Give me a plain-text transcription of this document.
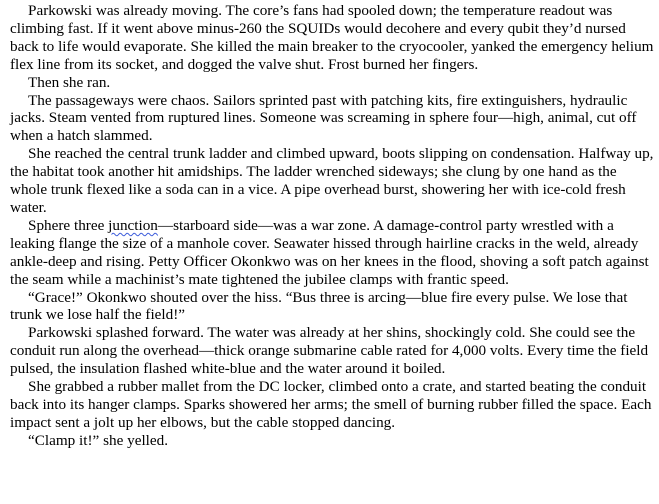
Parkowski was already moving. The core’s fans had spooled down; the temperature readout was climbing fast. If it went above minus-260 the SQUIDs would decohere and every qubit they’d nursed back to life would evaporate. She killed the main breaker to the cryocooler, yanked the emergency helium flex line from its socket, and dogged the valve shut. Frost burned her fingers.

Then she ran.

The passageways were chaos. Sailors sprinted past with patching kits, fire extinguishers, hydraulic jacks. Steam vented from ruptured lines. Someone was screaming in sphere four—high, animal, cut off when a hatch slammed.

She reached the central trunk ladder and climbed upward, boots slipping on condensation. Halfway up, the habitat took another hit amidships. The ladder wrenched sideways; she clung by one hand as the whole trunk flexed like a soda can in a vice. A pipe overhead burst, showering her with ice-cold fresh water.

Sphere three junction—starboard side—was a war zone. A damage-control party wrestled with a leaking flange the size of a manhole cover. Seawater hissed through hairline cracks in the weld, already ankle-deep and rising. Petty Officer Okonkwo was on her knees in the flood, shoving a soft patch against the seam while a machinist’s mate tightened the jubilee clamps with frantic speed.

“Grace!” Okonkwo shouted over the hiss. “Bus three is arcing—blue fire every pulse. We lose that trunk we lose half the field!”

Parkowski splashed forward. The water was already at her shins, shockingly cold. She could see the conduit run along the overhead—thick orange submarine cable rated for 4,000 volts. Every time the field pulsed, the insulation flashed white-blue and the water around it boiled.

She grabbed a rubber mallet from the DC locker, climbed onto a crate, and started beating the conduit back into its hanger clamps. Sparks showered her arms; the smell of burning rubber filled the space. Each impact sent a jolt up her elbows, but the cable stopped dancing.

“Clamp it!” she yelled.
